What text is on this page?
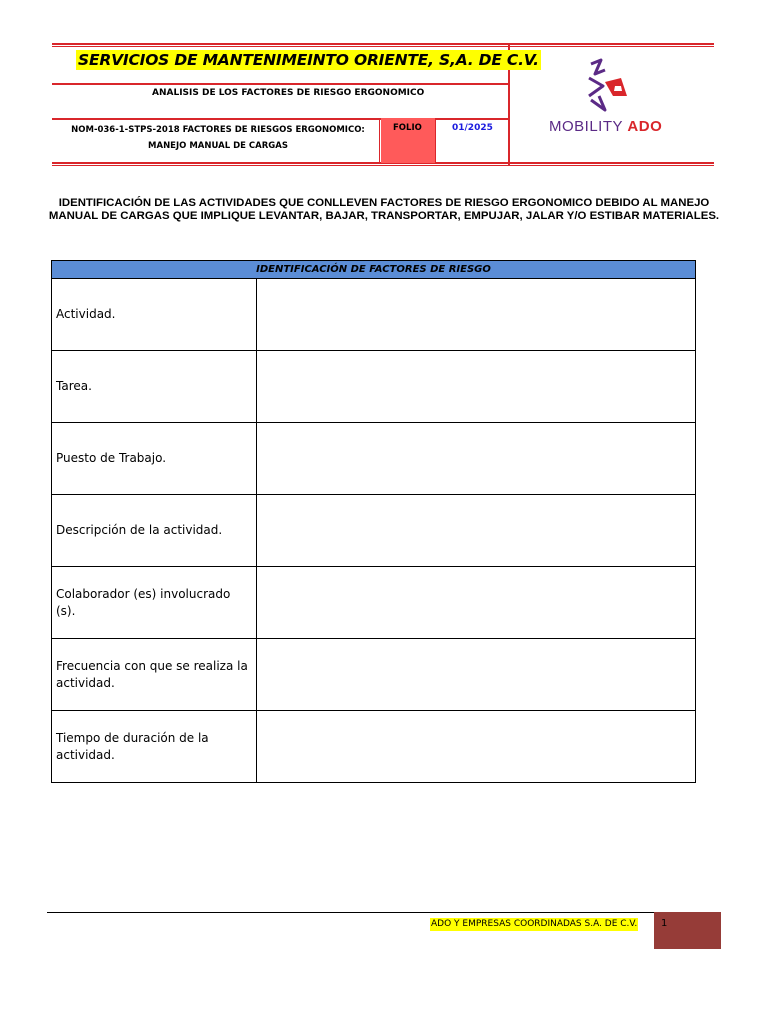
SERVICIOS DE MANTENIMEINTO ORIENTE, S,A. DE C.V.
ANALISIS DE LOS FACTORES DE RIESGO ERGONOMICO
NOM-036-1-STPS-2018 FACTORES DE RIESGOS ERGONOMICO:
MANEJO MANUAL DE CARGAS
FOLIO	01/2025	MOBILITY ADO
IDENTIFICACIÓN DE LAS ACTIVIDADES QUE CONLLEVEN FACTORES DE RIESGO ERGONOMICO DEBIDO AL MANEJO MANUAL DE CARGAS QUE IMPLIQUE LEVANTAR, BAJAR, TRANSPORTAR, EMPUJAR, JALAR Y/O ESTIBAR MATERIALES.
IDENTIFICACIÓN DE FACTORES DE RIESGO	
Actividad.	
Tarea.	
Puesto de Trabajo.	
Descripción de la actividad.	
Colaborador (es) involucrado (s).	
Frecuencia con que se realiza la actividad.	
Tiempo de duración de la actividad.	
ADO Y EMPRESAS COORDINADAS S.A. DE C.V. 1
